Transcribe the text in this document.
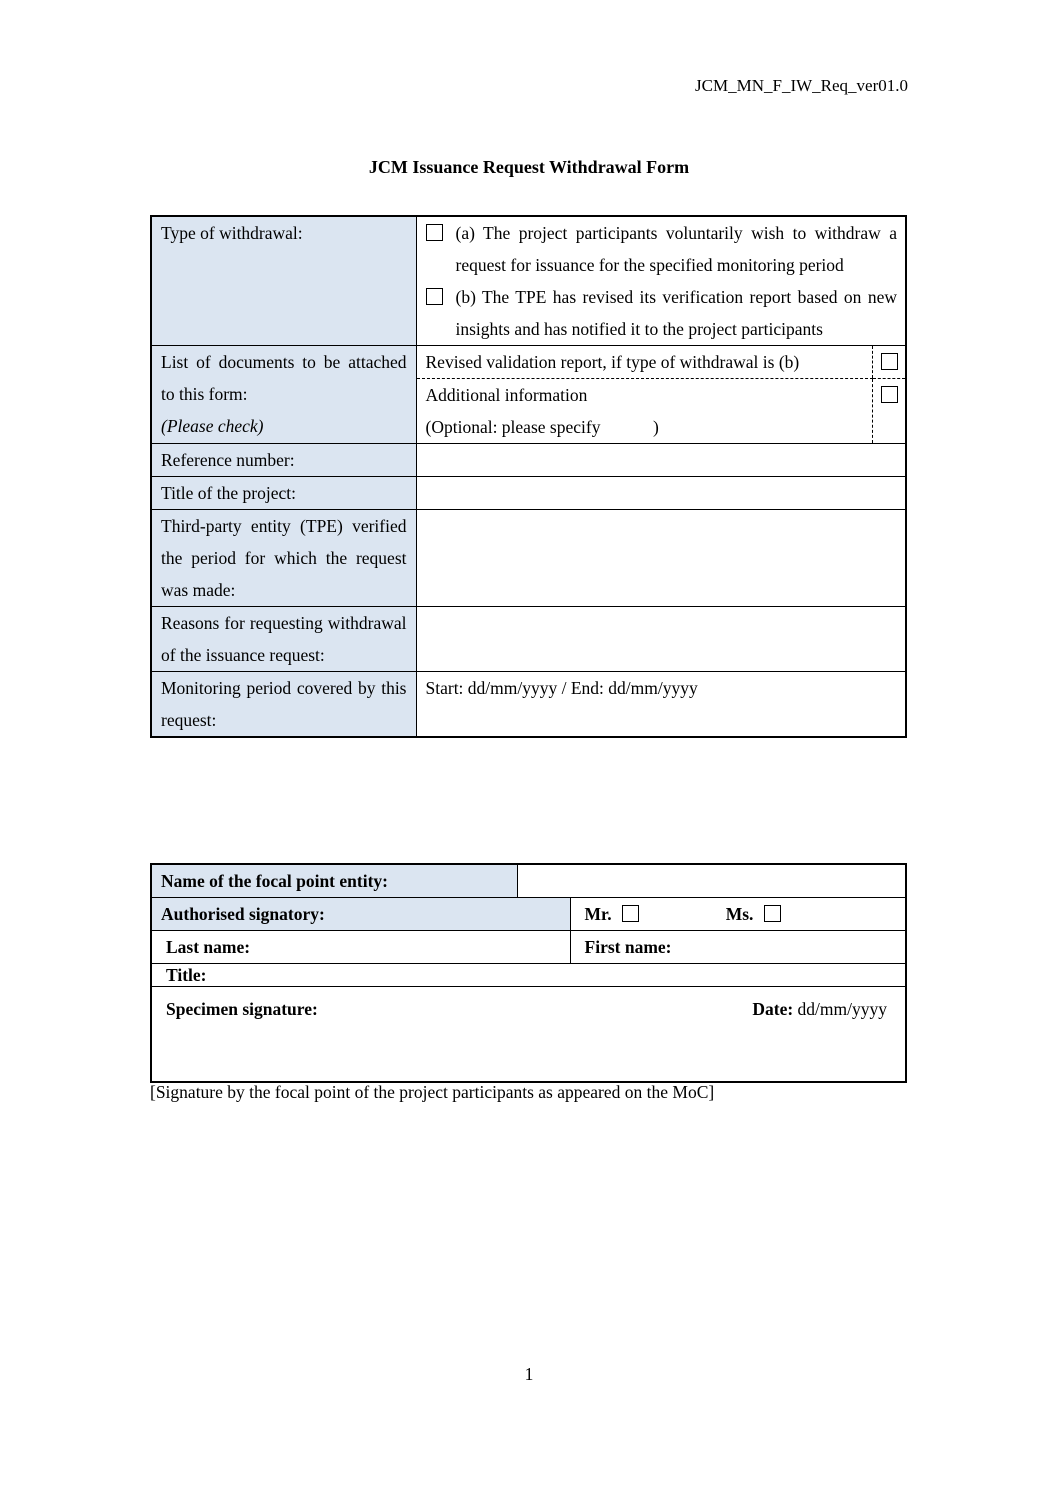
JCM_MN_F_IW_Req_ver01.0
JCM Issuance Request Withdrawal Form
Type of withdrawal:	(a) The project participants voluntarily wish to withdraw a request for issuance for the specified monitoring period
(b) The TPE has revised its verification report based on new insights and has notified it to the project participants

List of documents to be attached to this form:
(Please check)

Revised validation report, if type of withdrawal is (b)	

Additional information
(Optional: please specify            )

Reference number:	
Title of the project:	
Third-party entity (TPE) verified the period for which the request was made:	
Reasons for requesting withdrawal of the issuance request:	
Monitoring period covered by this request:	Start: dd/mm/yyyy / End: dd/mm/yyyy
Name of the focal point entity:		
Authorised signatory:		Mr. Ms.
Last name:		First name:
Title:		
Specimen signature: Date: dd/mm/yyyy		
[Signature by the focal point of the project participants as appeared on the MoC]
1
